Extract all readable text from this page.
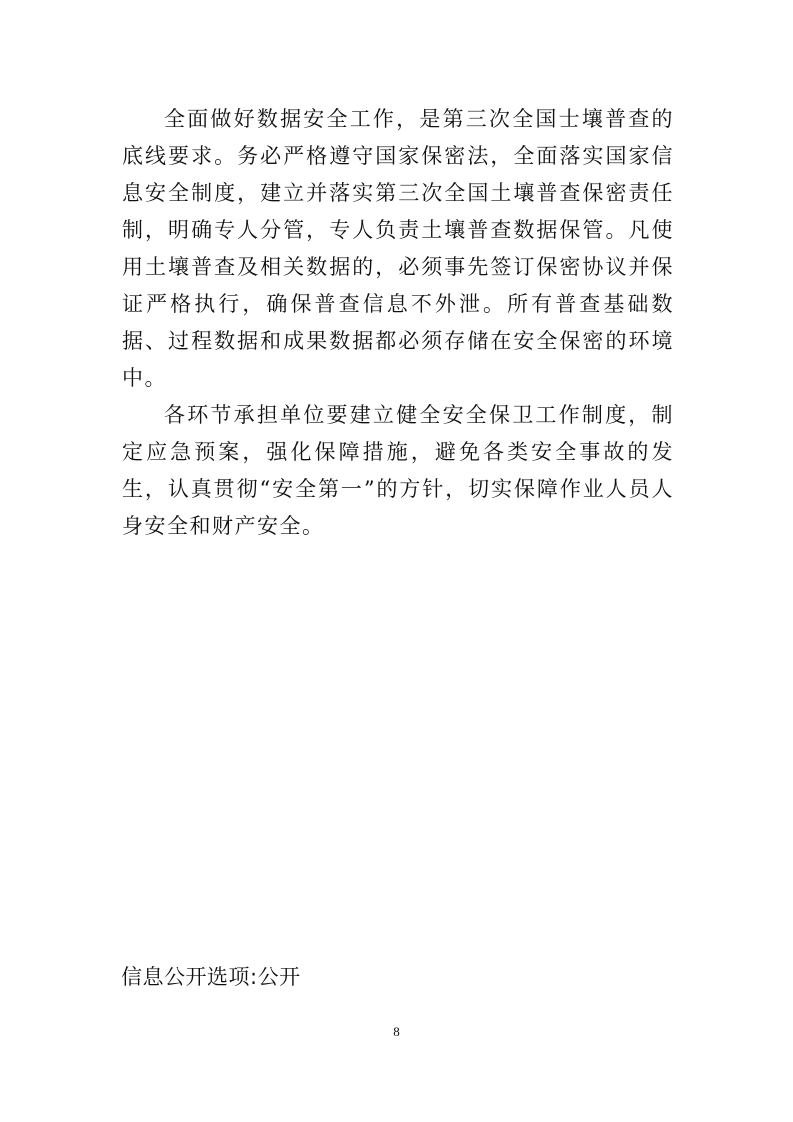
全面做好数据安全工作，是第三次全国士壤普查的底线要求。务必严格遵守国家保密法，全面落实国家信息安全制度，建立并落实第三次全国土壤普查保密责任制，明确专人分管，专人负责土壤普查数据保管。凡使用土壤普查及相关数据的，必须事先签订保密协议并保证严格执行，确保普查信息不外泄。所有普查基础数据、过程数据和成果数据都必须存储在安全保密的环境中。

各环节承担单位要建立健全安全保卫工作制度，制定应急预案，强化保障措施，避免各类安全事故的发生，认真贯彻“安全第一”的方针，切实保障作业人员人身安全和财产安全。

信息公开选项:公开
8
